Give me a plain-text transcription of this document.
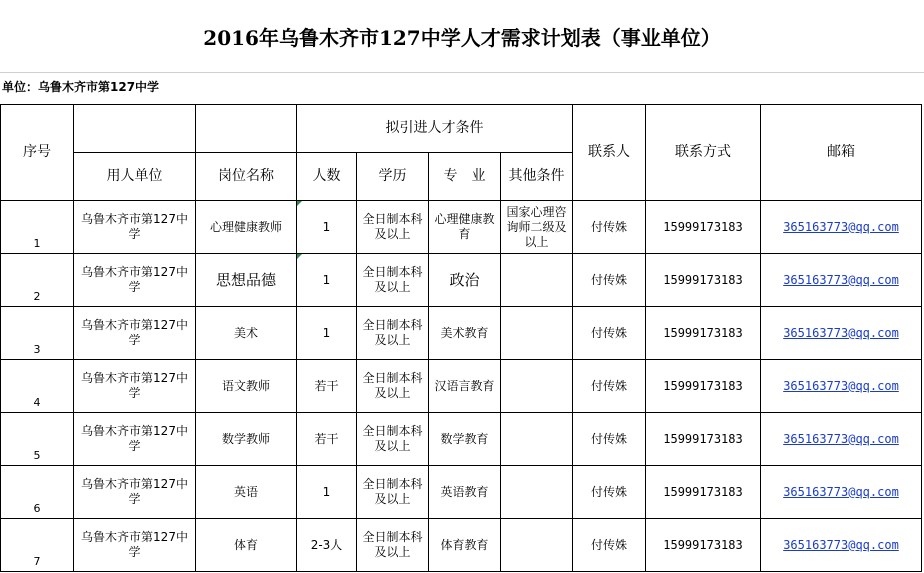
2016年乌鲁木齐市127中学人才需求计划表（事业单位）
单位：乌鲁木齐市第127中学
序号			拟引进人才条件				联系人	联系方式	邮箱
	用人单位	岗位名称	人数	学历	专　业	其他条件			
1	乌鲁木齐市第127中学	心理健康教师	1	全日制本科及以上	心理健康教育	国家心理咨询师二级及以上	付传姝	15999173183	365163773@qq.com
2	乌鲁木齐市第127中学	思想品德	1	全日制本科及以上	政治		付传姝	15999173183	365163773@qq.com
3	乌鲁木齐市第127中学	美术	1	全日制本科及以上	美术教育		付传姝	15999173183	365163773@qq.com
4	乌鲁木齐市第127中学	语文教师	若干	全日制本科及以上	汉语言教育		付传姝	15999173183	365163773@qq.com
5	乌鲁木齐市第127中学	数学教师	若干	全日制本科及以上	数学教育		付传姝	15999173183	365163773@qq.com
6	乌鲁木齐市第127中学	英语	1	全日制本科及以上	英语教育		付传姝	15999173183	365163773@qq.com
7	乌鲁木齐市第127中学	体育	2-3人	全日制本科及以上	体育教育		付传姝	15999173183	365163773@qq.com
